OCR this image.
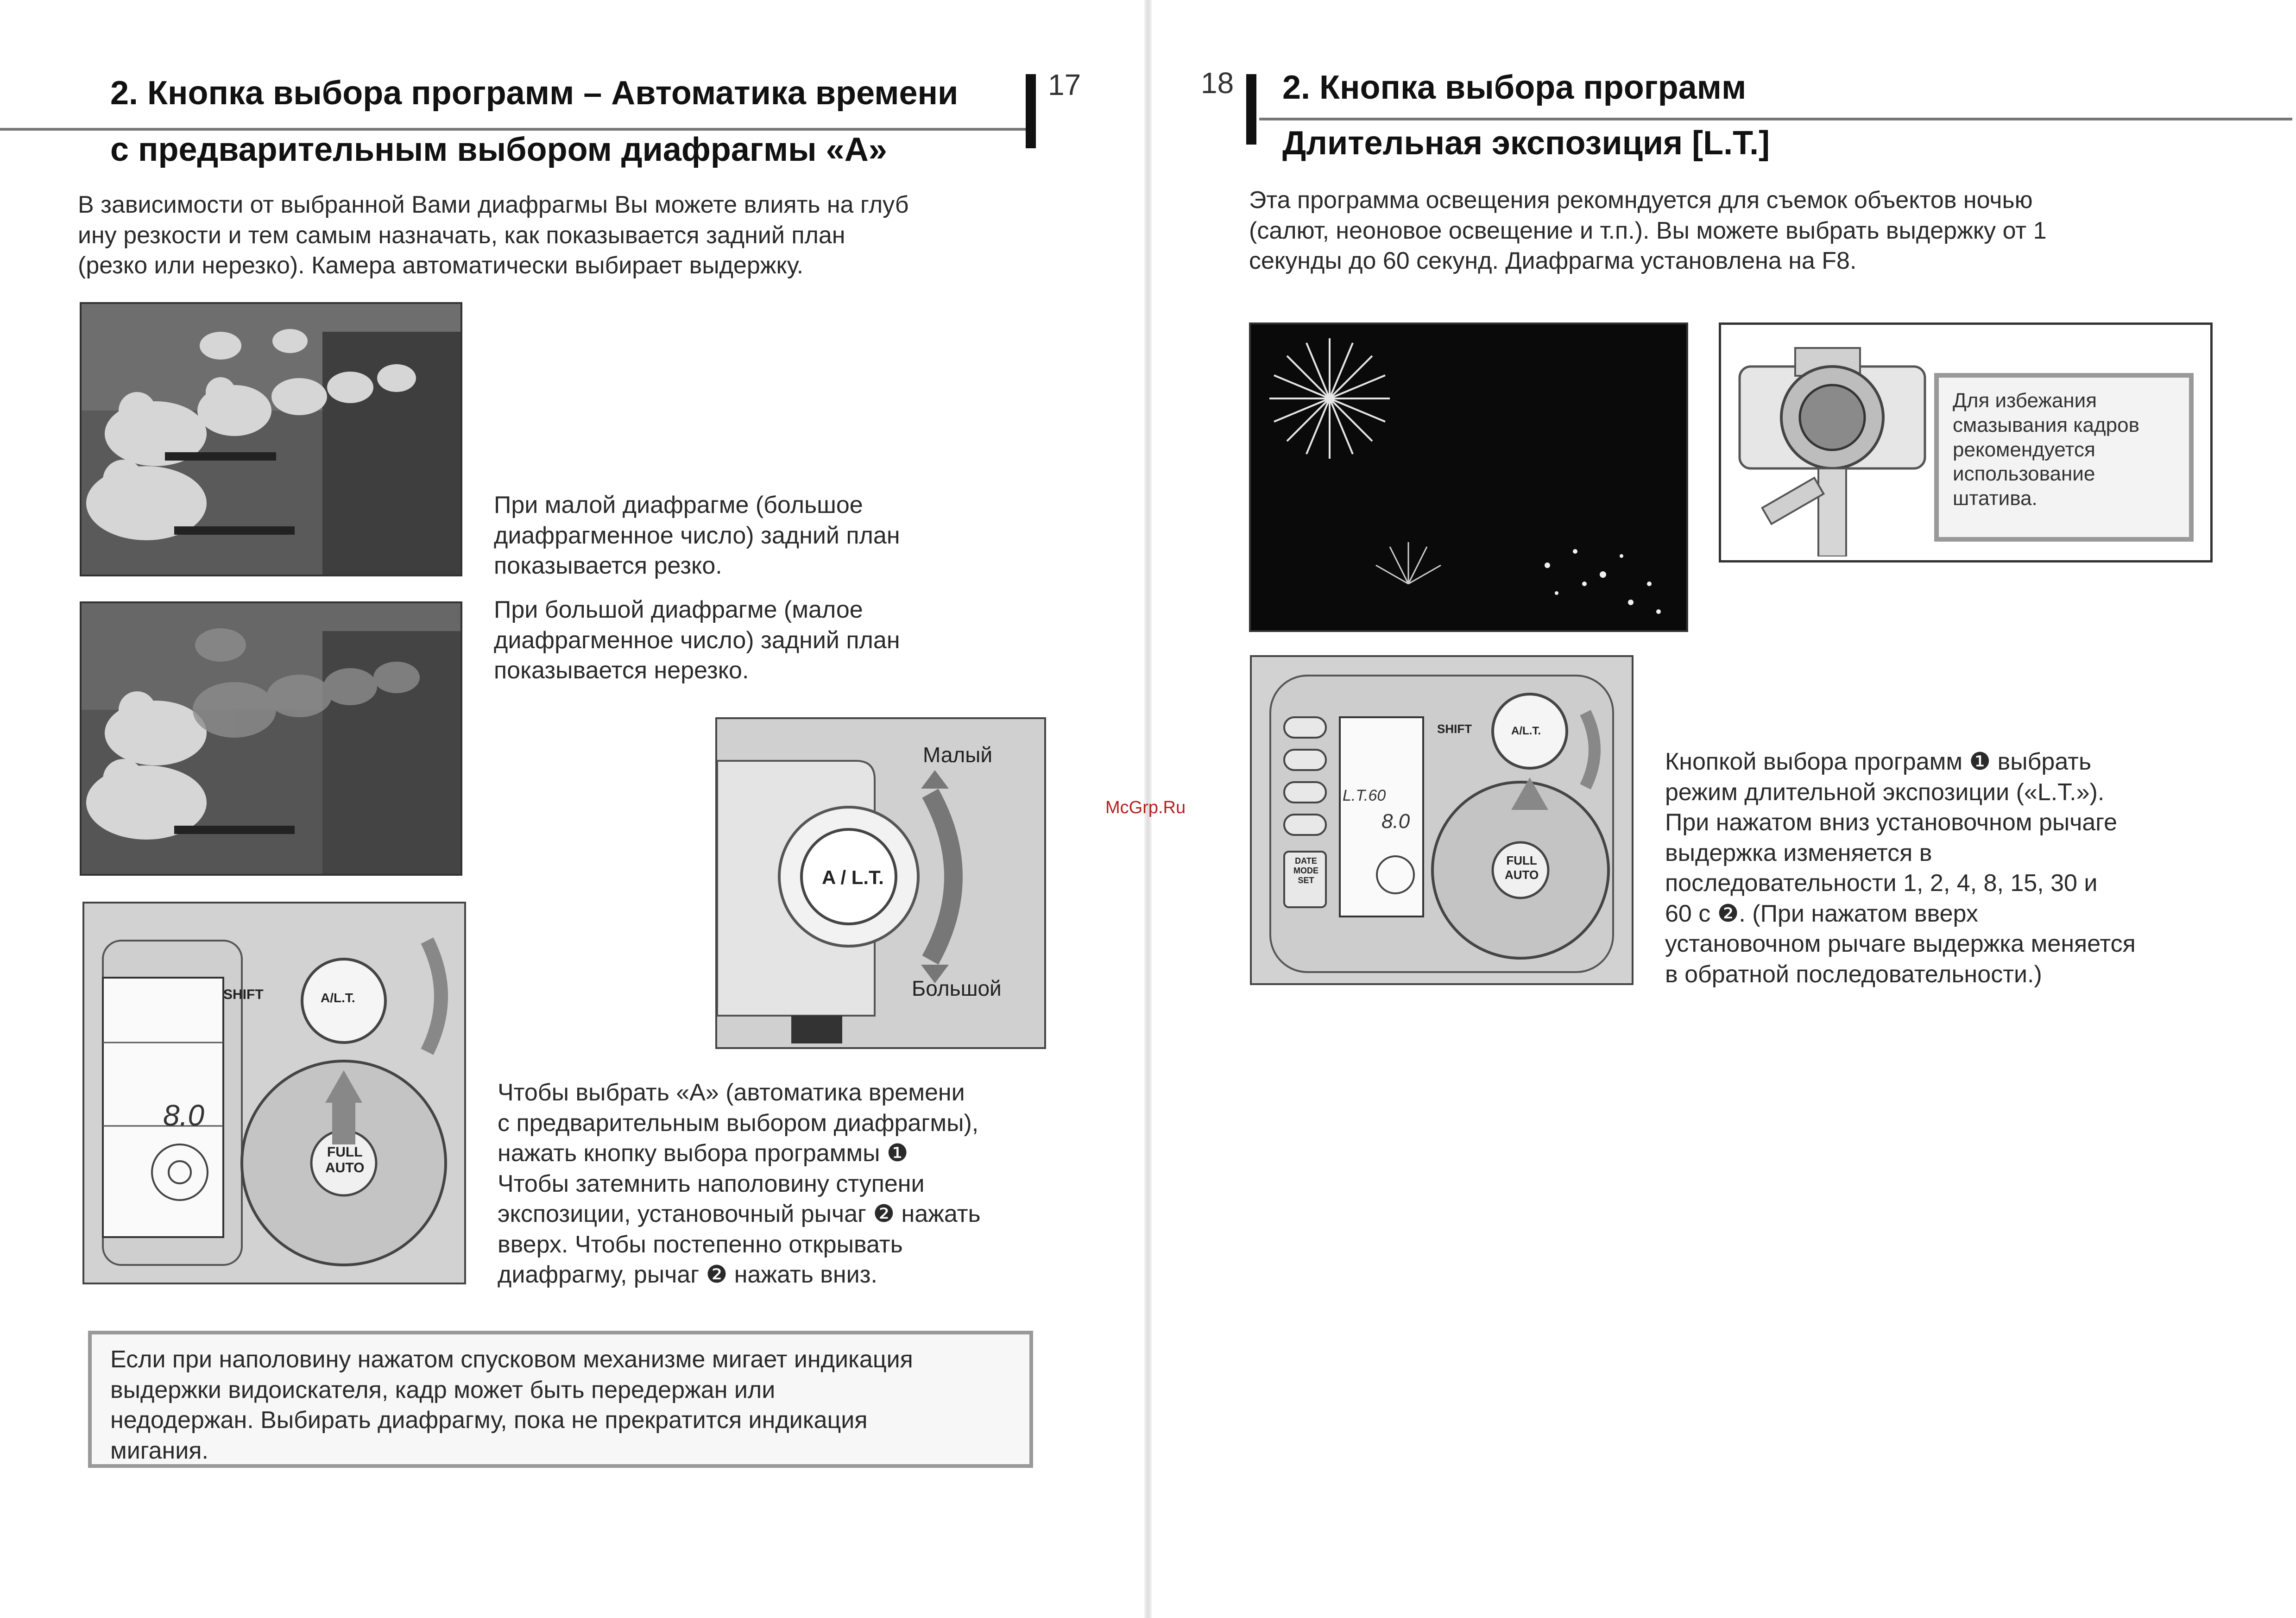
2. Кнопка выбора программ – Автоматика времени
с предварительным выбором диафрагмы «А»
17
В зависимости от выбранной Вами диафрагмы Вы можете влиять на глуб
ину резкости и тем самым назначать, как показывается задний план
(резко или нерезко). Камера автоматически выбирает выдержку.
При малой диафрагме (большое
диафрагменное число) задний план
показывается резко.
При большой диафрагме (малое
диафрагменное число) задний план
показывается нерезко.
A / L.T.
Малый
Большой
SHIFT	A/L.T.
8.0
FULL
AUTO
Чтобы выбрать «А» (автоматика времени
с предварительным выбором диафрагмы),
нажать кнопку выбора программы ❶
Чтобы затемнить наполовину ступени
экспозиции, установочный рычаг ❷ нажать
вверх. Чтобы постепенно открывать
диафрагму, рычаг ❷ нажать вниз.
Если при наполовину нажатом спусковом механизме мигает индикация
выдержки видоискателя, кадр может быть передержан или
недодержан. Выбирать диафрагму, пока не прекратится индикация
мигания.
McGrp.Ru
18 2. Кнопка выбора программ
Длительная экспозиция [L.T.]
Эта программа освещения рекомндуется для съемок объектов ночью
(салют, неоновое освещение и т.п.). Вы можете выбрать выдержку от 1
секунды до 60 секунд. Диафрагма установлена на F8.
Для избежания
смазывания кадров
рекомендуется
использование
штатива.
SHIFT	A/L.T.
L.T.60
8.0
DATE
MODE
SET
FULL
AUTO
Кнопкой выбора программ ❶ выбрать
режим длительной экспозиции («L.T.»).
При нажатом вниз установочном рычаге
выдержка изменяется в
последовательности 1, 2, 4, 8, 15, 30 и
60 с ❷. (При нажатом вверх
установочном рычаге выдержка меняется
в обратной последовательности.)
